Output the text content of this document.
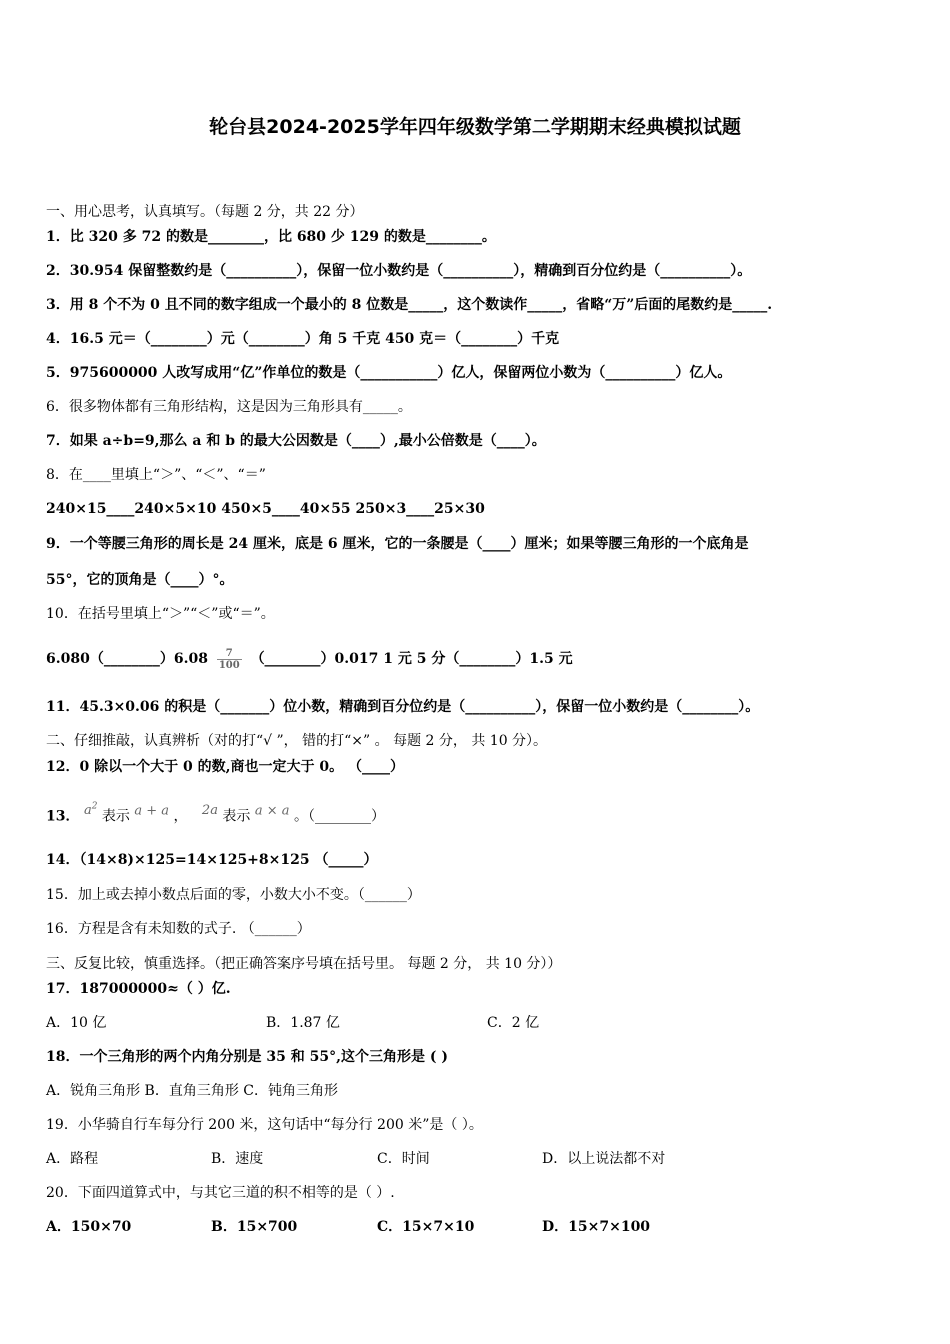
轮台县2024-2025学年四年级数学第二学期期末经典模拟试题
一、用心思考，认真填写。（每题 2 分，共 22 分）
1．比 320 多 72 的数是________，比 680 少 129 的数是________。
2．30.954 保留整数约是（__________），保留一位小数约是（__________），精确到百分位约是（__________）。
3．用 8 个不为 0 且不同的数字组成一个最小的 8 位数是_____，这个数读作_____，省略“万”后面的尾数约是_____.
4．16.5 元＝（________）元（________）角 5 千克 450 克＝（________）千克
5．975600000 人改写成用“亿”作单位的数是（___________）亿人，保留两位小数为（__________）亿人。
6．很多物体都有三角形结构，这是因为三角形具有_____。
7．如果 a÷b=9,那么 a 和 b 的最大公因数是（____）,最小公倍数是（____）。
8．在____里填上“＞”、“＜”、“＝”
240×15____240×5×10 450×5____40×55 250×3____25×30
9．一个等腰三角形的周长是 24 厘米，底是 6 厘米，它的一条腰是（____）厘米；如果等腰三角形的一个底角是
55°，它的顶角是（____）°。
10．在括号里填上“＞”“＜”或“＝”。
6.080（________）6.08 $\frac{7}{100}$ （________）0.017 1 元 5 分（________）1.5 元
11．45.3×0.06 的积是（_______）位小数，精确到百分位约是（__________），保留一位小数约是（________）。
二、仔细推敲，认真辨析（对的打“√ ”， 错的打“×” 。 每题 2 分， 共 10 分）。
12．0 除以一个大于 0 的数,商也一定大于 0。 （____）
13． $a^2$ 表示 a + a ， 2a 表示 a × a 。（________）
14．（14×8)×125=14×125+8×125 （_____）
15．加上或去掉小数点后面的零，小数大小不变。（______）
16．方程是含有未知数的式子. （______）
三、反复比较，慎重选择。（把正确答案序号填在括号里。 每题 2 分， 共 10 分））
17．187000000≈（ ）亿.
A．10 亿	B．1.87 亿	C．2 亿
18．一个三角形的两个内角分别是 35 和 55°,这个三角形是 ( )
A．锐角三角形 B．直角三角形 C．钝角三角形
19．小华骑自行车每分行 200 米，这句话中“每分行 200 米”是（ ）。
A．路程	B．速度	C．时间	D．以上说法都不对
20．下面四道算式中，与其它三道的积不相等的是（ ）.
A．150×70	B．15×700	C．15×7×10	D．15×7×100
